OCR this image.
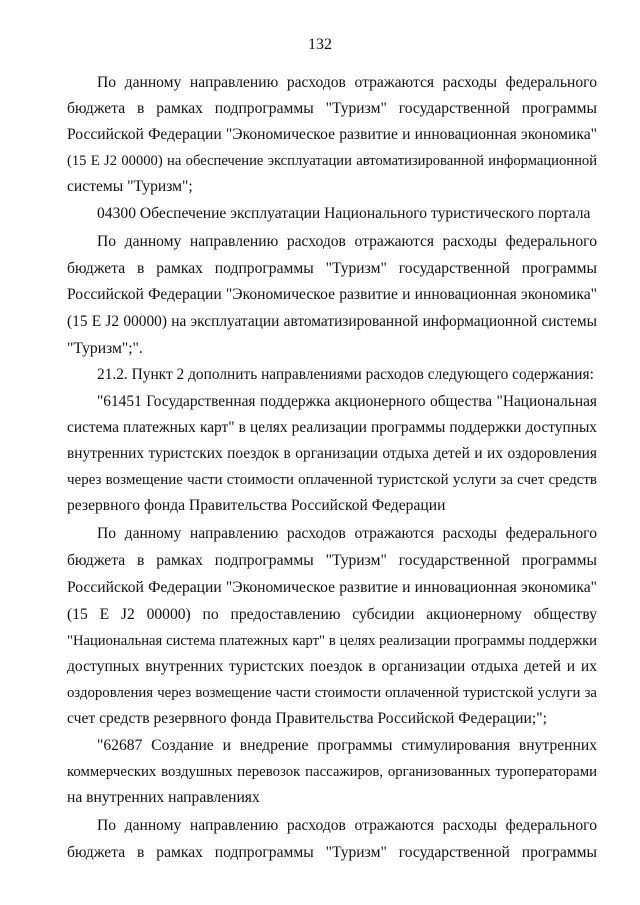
132
По данному направлению расходов отражаются расходы федерального
бюджета в рамках подпрограммы "Туризм" государственной программы
Российской Федерации "Экономическое развитие и инновационная экономика"
(15 Е J2 00000) на обеспечение эксплуатации автоматизированной информационной
системы "Туризм";
04300 Обеспечение эксплуатации Национального туристического портала
По данному направлению расходов отражаются расходы федерального
бюджета в рамках подпрограммы "Туризм" государственной программы
Российской Федерации "Экономическое развитие и инновационная экономика"
(15 Е J2 00000) на эксплуатации автоматизированной информационной системы
"Туризм";".
21.2. Пункт 2 дополнить направлениями расходов следующего содержания:
"61451 Государственная поддержка акционерного общества "Национальная
система платежных карт" в целях реализации программы поддержки доступных
внутренних туристских поездок в организации отдыха детей и их оздоровления
через возмещение части стоимости оплаченной туристской услуги за счет средств
резервного фонда Правительства Российской Федерации
По данному направлению расходов отражаются расходы федерального
бюджета в рамках подпрограммы "Туризм" государственной программы
Российской Федерации "Экономическое развитие и инновационная экономика"
(15 Е J2 00000) по предоставлению субсидии акционерному обществу
"Национальная система платежных карт" в целях реализации программы поддержки
доступных внутренних туристских поездок в организации отдыха детей и их
оздоровления через возмещение части стоимости оплаченной туристской услуги за
счет средств резервного фонда Правительства Российской Федерации;";
"62687 Создание и внедрение программы стимулирования внутренних
коммерческих воздушных перевозок пассажиров, организованных туроператорами
на внутренних направлениях
По данному направлению расходов отражаются расходы федерального
бюджета в рамках подпрограммы "Туризм" государственной программы
